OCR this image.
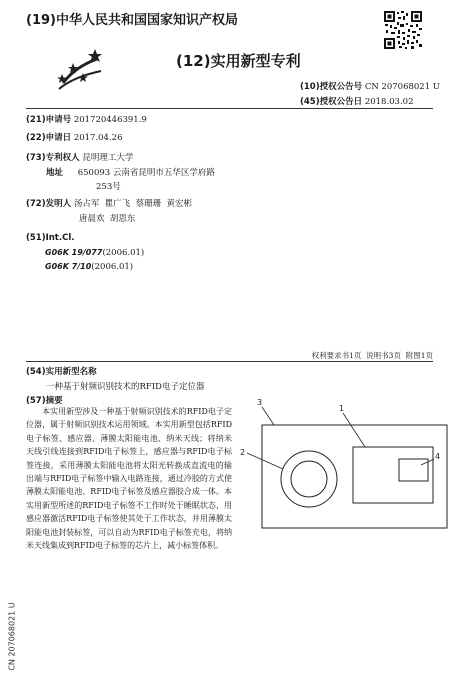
(19)中华人民共和国国家知识产权局
(12)实用新型专利
(10)授权公告号 CN 207068021 U
(45)授权公告日 2018.03.02
(21)申请号 201720446391.9
(22)申请日 2017.04.26
(73)专利权人 昆明理工大学
地址 650093 云南省昆明市五华区学府路
253号
(72)发明人 汤占军  瞿广飞  蔡珊珊  黄宏彬
唐晨欢  胡恩东
(51)Int.Cl.
G06K 19/077(2006.01)
G06K 7/10(2006.01)
权利要求书1页  说明书3页  附图1页
(54)实用新型名称
一种基于射频识别技术的RFID电子定位器
(57)摘要
本实用新型涉及一种基于射频识别技术的RFID电子定位器，属于射频识别技术运用领域。本实用新型包括RFID电子标签、感应器、薄膜太阳能电池、纳米天线；将纳米天线引线连接到RFID电子标签上，感应器与RFID电子标签连接，采用薄膜太阳能电池将太阳光转换成直流电的输出端与RFID电子标签中输入电路连接，通过冷胶的方式使薄膜太阳能电池、RFID电子标签及感应器胶合成一体。本实用新型所述的RFID电子标签不工作时处于睡眠状态，用感应器激活RFID电子标签使其处于工作状态，并用薄膜太阳能电池封装标签，可以自动为RFID电子标签充电，将纳米天线集成到RFID电子标签的芯片上，减小标签体积。
3
1
2	4
CN 207068021 U
